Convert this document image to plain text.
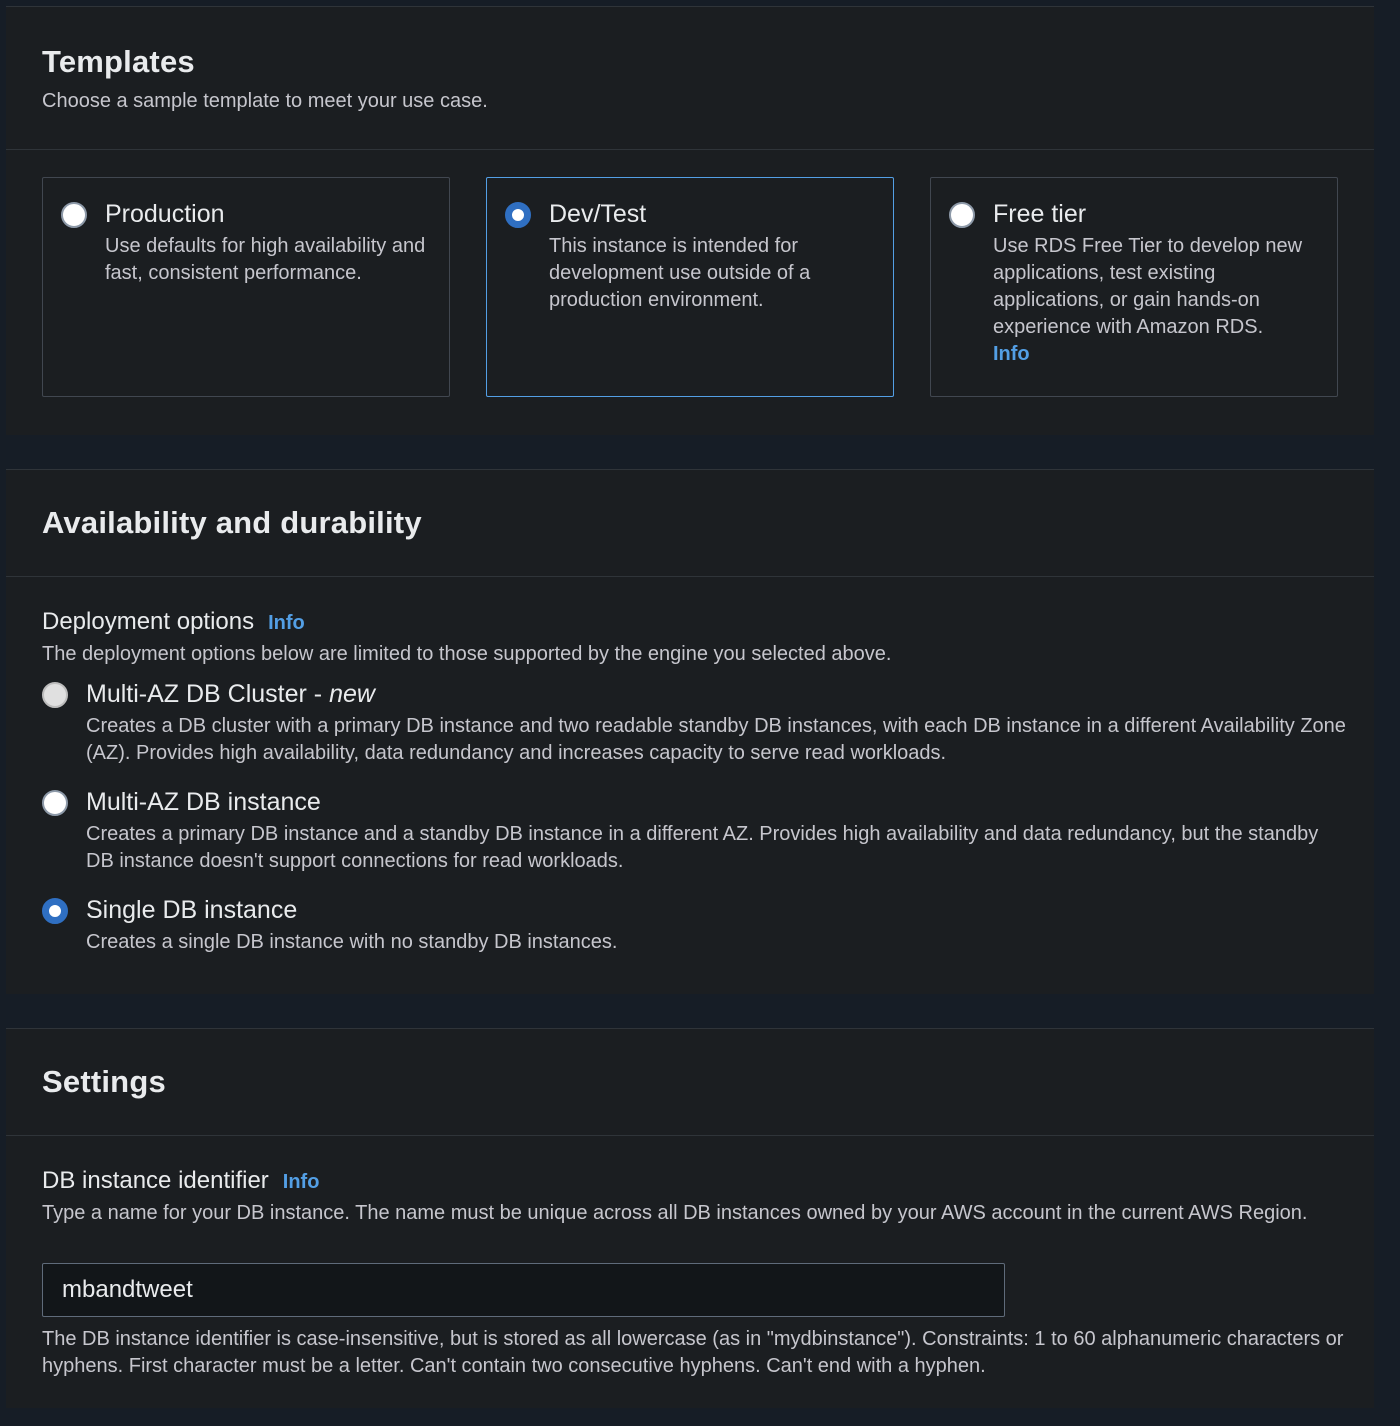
Templates
Choose a sample template to meet your use case.
Production
Use defaults for high availability and fast, consistent performance.
Dev/Test
This instance is intended for development use outside of a production environment.
Free tier
Use RDS Free Tier to develop new applications, test existing applications, or gain hands-on experience with Amazon RDS.
Info
Availability and durability
Deployment options Info
The deployment options below are limited to those supported by the engine you selected above.
Multi-AZ DB Cluster - new
Creates a DB cluster with a primary DB instance and two readable standby DB instances, with each DB instance in a different Availability Zone (AZ). Provides high availability, data redundancy and increases capacity to serve read workloads.
Multi-AZ DB instance
Creates a primary DB instance and a standby DB instance in a different AZ. Provides high availability and data redundancy, but the standby DB instance doesn't support connections for read workloads.
Single DB instance
Creates a single DB instance with no standby DB instances.
Settings
DB instance identifier Info
Type a name for your DB instance. The name must be unique across all DB instances owned by your AWS account in the current AWS Region.
mbandtweet
The DB instance identifier is case-insensitive, but is stored as all lowercase (as in "mydbinstance"). Constraints: 1 to 60 alphanumeric characters or hyphens. First character must be a letter. Can't contain two consecutive hyphens. Can't end with a hyphen.
